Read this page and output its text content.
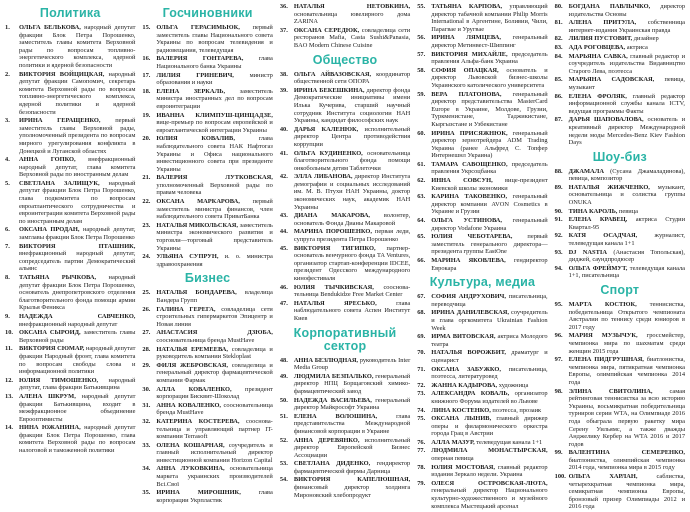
Политика
1.	ОЛЬГА БЕЛЬКОВА, народный депутат фракции Блок Петра Порошенко, заместитель главы комитета Верховной рады по вопросам топливно-энергетического комплекса, ядерной политики и ядерной безопасности
2.	ВИКТОРИЯ ВОЙЦИЦКАЯ, народный депутат фракции Самопомич, секретарь комитета Верховной рады по вопросам топливно-энергетического комплекса, ядерной политики и ядерной безопасности
3.	ИРИНА ГЕРАЩЕНКО, первый заместитель главы Верховной рады, уполномоченный президента по вопросам мирного урегулирования конфликта в Донецкой и Луганской областях
4.	АННА ГОПКО, внефракционный народный депутат, глава комитета Верховной рады по иностранным делам
5.	СВЕТЛАНА ЗАЛИЩУК, народный депутат фракции Блок Петра Порошенко, глава подкомитета по вопросам евроатлантического сотрудничества и евроинтеграции комитета Верховной рады по иностранным делам
6.	ОКСАНА ПРОДАН, народный депутат, замглавы фракции Блок Петра Порошенко
7.	ВИКТОРИЯ ПТАШНИК, внефракционный народный депутат, сопредседатель партии Демократический альянс
8.	ТАТЬЯНА РЫЧКОВА, народный депутат фракции Блок Петра Порошенко, основатель днепропетровского отделения благотворительного фонда помощи армии Крылья Феникса
9.	НАДЕЖДА САВЧЕНКО, внефракционный народный депутат
10. ОКСАНА СЫРОИД, заместитель главы Верховной рады
11. ВИКТОРИЯ СЮМАР, народный депутат фракции Народный фронт, глава комитета по вопросам свободы слова и информационной политики
12. ЮЛИЯ ТИМОШЕНКО, народный депутат, глава фракции Батькивщина
13. АЛЕНА ШКРУМ, народный депутат фракции Батькивщина, входит в межфракционное объединение Еврооптимисты
14. НИНА ЮЖАНИНА, народный депутат фракции Блок Петра Порошенко, глава комитета Верховной рады по вопросам налоговой и таможенной политики
Госчиновники
15. ОЛЬГА ГЕРАСИМЬЮК, первый заместитель главы Национального совета Украины по вопросам телевидения и радиовещания, телеведущая
16. ВАЛЕРИЯ ГОНТАРЕВА, глава Национального банка Украины
17. ЛИЛИЯ ГРИНЕВИЧ, министр образования и науки
18. ЕЛЕНА ЗЕРКАЛЬ, заместитель министра иностранных дел по вопросам евроинтеграции
19. ИВАННА КЛИМПУШ-ЦИНЦАДЗЕ, вице-премьер по вопросам европейской и евроатлантической интеграции Украины
20. ЮЛИЯ КОВАЛИВ, глава наблюдательного совета НАК Нафтогаз Украины и Офиса национального инвестиционного совета при президенте Украины
21. ВАЛЕРИЯ ЛУТКОВСКАЯ, уполномоченный Верховной рады по правам человека
22. ОКСАНА МАРКАРОВА, первый заместитель министра финансов, член наблюдательного совета ПриватБанка
23. НАТАЛЬЯ МИКОЛЬСКАЯ, заместитель министра экономического развития и торговли—торговый представитель Украины
24. УЛЬЯНА СУПРУН, и. о. министра здравоохранения
Бизнес
25. НАТАЛЬЯ БОНДАРЕВА, владелица Вандера Групп
26. ГАЛИНА ГЕРЕГА, совладелица сети строительных гипермаркетов Эпицентр и Новая линия
27. АНАСТАСИЯ ДЗЮБА, соосновательница бренда MustHave
28. НАТАЛЬЯ ЕРЕМЕЕВА, совладелица и руководитель компании Stekloplast
29. ФИЛЯ ЖЕБРОВСКАЯ, совладелица и генеральный директор фармацевтической компании Фармак
30. АЛЛА КОВАЛЕНКО, президент корпорации Бисквит-Шоколад
31. АННА КОВАЛЕНКО, соосновательница бренда MustHave
32. КАТЕРИНА КОСТЕРЕВА, соосновательница и управляющий партнер IT-компании Terrasoft
33. ОЛЕНА КОШАРНАЯ, соучредитель и главный исполнительный директор инвестиционной компании Horizon Capital
34. АННА ЛУКОВКИНА, основательница маркета украинских производителей Всі.Свої
35. ИРИНА МИРОШНИК, глава корпорации Укрпластик
36. НАТАЛЬЯ НЕТОВКИНА, основательница ювелирного дома ZARINA
37. ОКСАНА СЕРЕДЮК, совладелица сети ресторанов Mafia, Casta Sushi&Panasia, BAO Modern Chinese Cuisine
Общество
38. ОЛЬГА АЙВАЗОВСКАЯ, координатор общественной сети ОПОРА
39. ИРИНА БЕКЕШКИНА, директор фонда Демократические инициативы имени Илька Кучерива, старший научный сотрудник Института социологии НАН Украины, кандидат философских наук
40. ДАРЬЯ КАЛЕНЮК, исполнительный директор Центра противодействия коррупции
41. ОЛЬГА КУДИНЕНКО, основательница благотворительного фонда помощи онкобольным детям Таблеточки
42. ЭЛЛА ЛИБАНОВА, директор Института демографии и социальных исследований им. М. В. Птухи НАН Украины, доктор экономических наук, академик НАН Украины
43. ДИАНА МАКАРОВА, волонтер, основатель Фонда Дианы Макаровой
44. МАРИНА ПОРОШЕНКО, первая леди, супруга президента Петра Порошенко
45. ВИКТОРИЯ ТИГИПКО, партнер-основатель венчурного фонда TA Ventures, организатор стартап-конференции IDCEE, президент Одесского международного кинофестиваля
46. ЮЛИЯ ТЫЧКИВСКАЯ, соосновательница Bendukidze Free Market Center
47. НАТАЛЬЯ ЯРЕСЬКО, глава наблюдательного совета Аспен Институт Киев
Корпоративный сектор
48. АННА БЕЗЛЮДНАЯ, руководитель Inter Media Group
49. ЛЮДМИЛА БЕЗПАЛЬКО, генеральный директор НПЦ Борщаговский химико-фармацевтический завод
50. НАДЕЖДА ВАСИЛЬЕВА, генеральный директор Майкрософт Украина
51. ЕЛЕНА ВОЛОШИНА, глава представительства Международной финансовой корпорации в Украине
52. АННА ДЕРЕВЯНКО, исполнительный директор Европейской Бизнес Ассоциации
53. СВЕТЛАНА ДИДЕНКО, гендиректор фармацевтической фирмы Дарница
54. ВИКТОРИЯ КАПЕЛЮШНАЯ, финансовый директор холдинга Мироновский хлебопродукт
55. ТАТЬЯНА КАРПОВА, управляющий директор табачной компании Philip Morris International в Аргентине, Боливии, Чили, Парагвае и Уругвае
56. ИРИНА ЛЯМЦЕВА, генеральный директор Метинвест-Шиппинг
57. ВИКТОРИЯ МИХАЙЛЕ, председатель правления Альфа-банк Украина
58. СОФИЯ ОПАЦКАЯ, основатель и директор Львовской бизнес-школы Украинского католического университета
59. ВЕРА ПЛАТОНОВА, генеральный директор представительства MasterCard Europe в Украине, Молдове, Грузии, Туркменистане, Таджикистане, Кыргызстане и Узбекистане
60. ИРИНА ПРИСЯЖНЮК, генеральный директор зернотрейдера ADM Trading Украина (ранее Альфред С. Топфер Интернешнл Украина)
61. ТАМАРА САВОЩЕНКО, председатель правления Укрсоцбанка
62. ИННА СОВСУН, вице-президент Киевской школы экономики
63. КАРИНА ТАКОВЕНКО, генеральный директор компании AVON Cosmetics в Украине и Грузии
64. ОЛЬГА УСТИНОВА, генеральный директор Vodafone Украина
65. ЮЛИЯ ЧЕБОТАРЕВА, первый заместитель генерального директора—президента группы EastOne
66. МАРИНА ЯКОВЛЕВА, гендиректор Еврокара
Культура, медиа
67. СОФИЯ АНДРУХОВИЧ, писательница, переводчица
68. ИРИНА ДАНИЛЕВСКАЯ, соучредитель и глава оргкомитета Ukrainian Fashion Week
69. ИРМА ВИТОВСКАЯ, актриса Молодого театра
70. НАТАЛЬЯ ВОРОЖБИТ, драматург и сценарист
71. ОКСАНА ЗАБУЖКО, писательница, поэтесса, литературовед
72. ЖАННА КАДЫРОВА, художница
73. АЛЕКСАНДРА КОВАЛЬ, организатор книжного Форума издателей во Львове
74. ЛИНА КОСТЕНКО, поэтесса, прозаик
75. ОКСАНА ЛЫНИВ, главный дирижер оперы и филармонического оркестра города Грац в Австрии
76. АЛЛА МАЗУР, телеведущая канала 1+1
77. ЛЮДМИЛА МОНАСТЫРСКАЯ, оперная певица
78. ЮЛИЯ МОСТОВАЯ, главный редактор издания Зеркало недели. Украина
79. ОЛЕСЯ ОСТРОВСКАЯ-ЛЮТА, генеральный директор Национального культурно-художественного и музейного комплекса Мыстецький арсенал
80. БОГДАНА ПАВЛЫЧКО, директор издательства Основы
81. АЛЕНА ПРИТУЛА, собственница интернет-издания Украинская правда
82. ЛИЛИЯ ПУСТОВИТ, дизайнер
83. АДА РОГОВЦЕВА, актриса
84. МАРЬЯНА САВКА, главный редактор и соучредитель издательства Видавництво Старого Лева, поэтесса
85. МАРЬЯНА САДОВСКАЯ, певица, музыкант
86. ЕЛЕНА ФРОЛЯК, главный редактор информационной службы канала ICTV, ведущая программы Факты
87. ДАРЬЯ ШАПОВАЛОВА, основатель и креативный директор Международной недели моды Mercedes-Benz Kiev Fashion Days
Шоу-биз
88. ДЖАМАЛА (Сусана Джамаладинова), певица, композитор
89. НАТАЛЬЯ ЖИЖЧЕНКО, музыкант, основательница и солистка группы ONUKA
90. ТИНА КАРОЛЬ, певица
91. ЕЛЕНА КРАВЕЦ, актриса Студии Квартал-95
92. КАТЯ ОСАДЧАЯ, журналист, телеведущая канала 1+1
93. DJ NASTIA (Анастасия Топольская), диджей, саундпродюсер
94. ОЛЬГА ФРЕЙМУТ, телеведущая канала 1+1, писательница
Спорт
95. МАРТА КОСТЮК, теннисистка, победительница Открытого чемпионата Австралии по теннису среди юниоров в 2017 году
96. МАРИЯ МУЗЫЧУК, гроссмейстер, чемпионка мира по шахматам среди женщин 2015 года
97. ЕЛЕНА ПИДГРУШНАЯ, биатлонистка, чемпионка мира, пятикратная чемпионка Европы, олимпийская чемпионка 2014 года
98. ЭЛИНА СВИТОЛИНА, самая рейтинговая теннисистка за всю историю Украины, восьмикратная победительница турниров серии WTA, на Олимпиаде 2016 года обыграла первую ракетку мира Серену Уильямс, а также дважды Анджелику Кербер на WTA 2016 и 2017 годов
99. ВАЛЕНТИНА СЕМЕРЕНКО, биатлонистка, олимпийская чемпионка 2014 года, чемпионка мира в 2015 году
100. ОЛЬГА ХАРЛАН, саблистка, четырехкратная чемпионка мира, семикратная чемпионка Европы, бронзовый призер Олимпиады 2012 и 2016 года
